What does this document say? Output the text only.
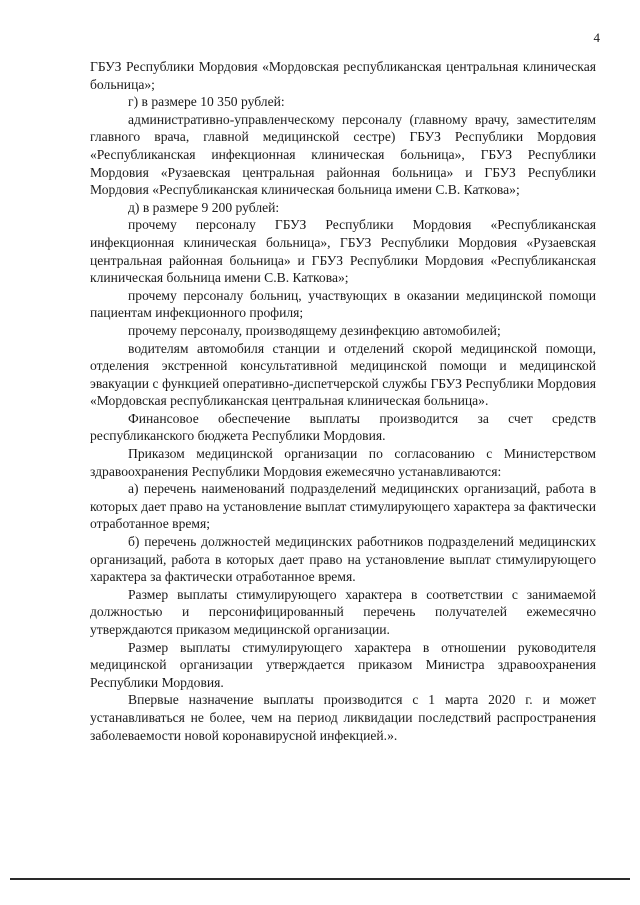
4

ГБУЗ Республики Мордовия «Мордовская республиканская центральная клиническая больница»;

г) в размере 10 350 рублей:

административно-управленческому персоналу (главному врачу, заместителям главного врача, главной медицинской сестре) ГБУЗ Республики Мордовия «Республиканская инфекционная клиническая больница», ГБУЗ Республики Мордовия «Рузаевская центральная районная больница» и ГБУЗ Республики Мордовия «Республиканская клиническая больница имени С.В. Каткова»;

д) в размере 9 200 рублей:

прочему персоналу ГБУЗ Республики Мордовия «Республиканская инфекционная клиническая больница», ГБУЗ Республики Мордовия «Рузаевская центральная районная больница» и ГБУЗ Республики Мордовия «Республиканская клиническая больница имени С.В. Каткова»;

прочему персоналу больниц, участвующих в оказании медицинской помощи пациентам инфекционного профиля;

прочему персоналу, производящему дезинфекцию автомобилей;

водителям автомобиля станции и отделений скорой медицинской помощи, отделения экстренной консультативной медицинской помощи и медицинской эвакуации с функцией оперативно-диспетчерской службы ГБУЗ Республики Мордовия «Мордовская республиканская центральная клиническая больница».

Финансовое обеспечение выплаты производится за счет средств республиканского бюджета Республики Мордовия.

Приказом медицинской организации по согласованию с Министерством здравоохранения Республики Мордовия ежемесячно устанавливаются:

а) перечень наименований подразделений медицинских организаций, работа в которых дает право на установление выплат стимулирующего характера за фактически отработанное время;

б) перечень должностей медицинских работников подразделений медицинских организаций, работа в которых дает право на установление выплат стимулирующего характера за фактически отработанное время.

Размер выплаты стимулирующего характера в соответствии с занимаемой должностью и персонифицированный перечень получателей ежемесячно утверждаются приказом медицинской организации.

Размер выплаты стимулирующего характера в отношении руководителя медицинской организации утверждается приказом Министра здравоохранения Республики Мордовия.

Впервые назначение выплаты производится с 1 марта 2020 г. и может устанавливаться не более, чем на период ликвидации последствий распространения заболеваемости новой коронавирусной инфекцией.».
